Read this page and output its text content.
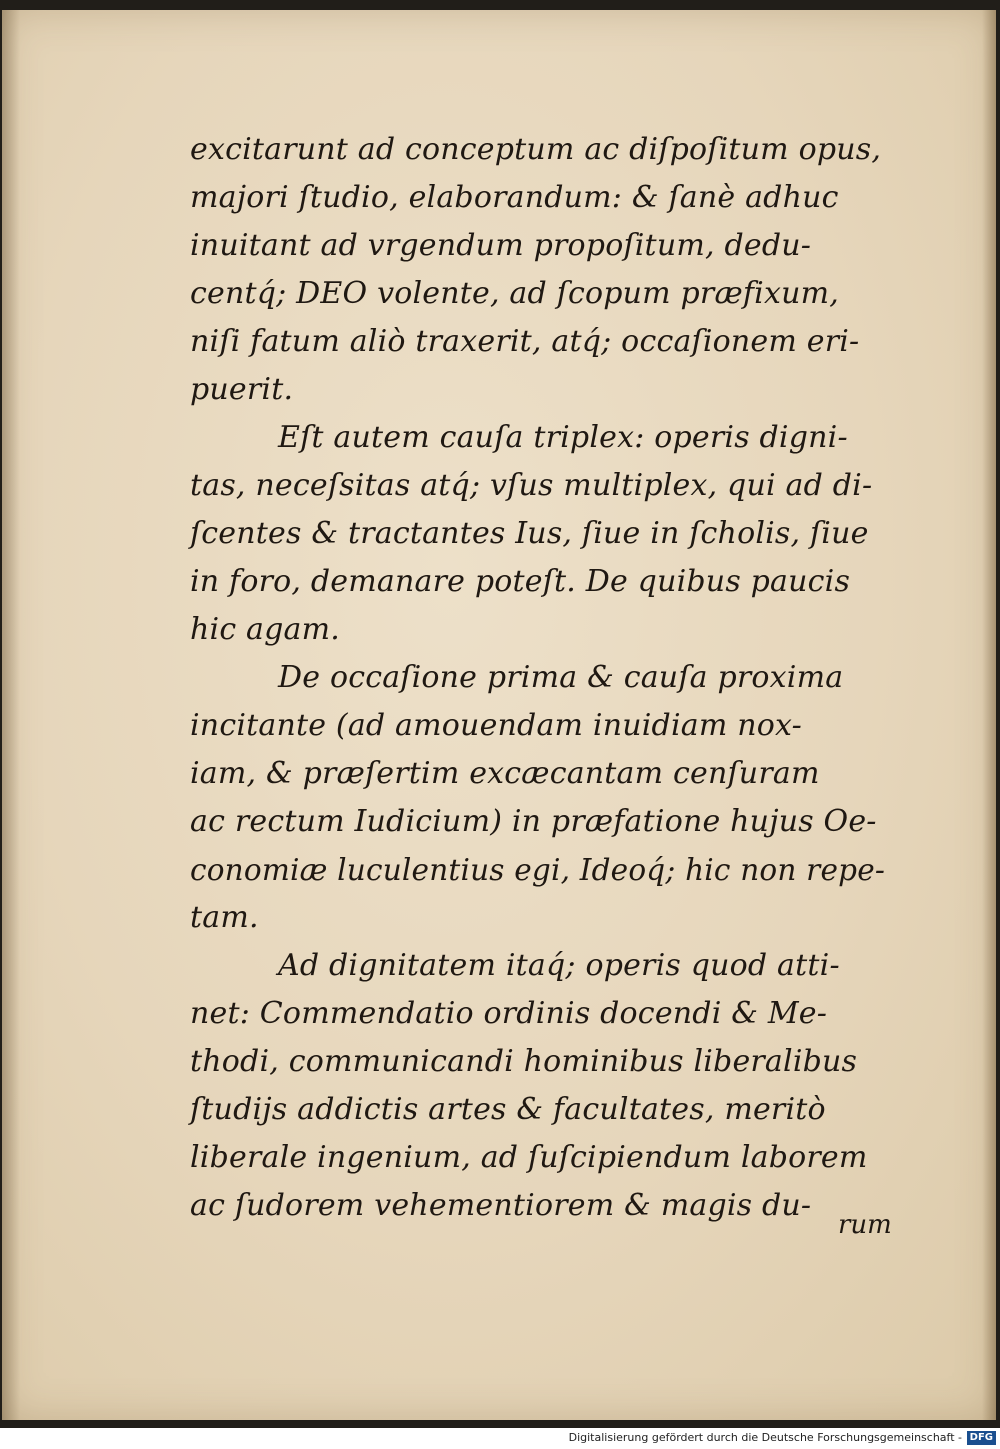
excitarunt ad conceptum ac diſpoſitum opus,
majori ſtudio, elaborandum: & ſanè adhuc
inuitant ad vrgendum propoſitum, dedu-
centq́; DEO volente, ad ſcopum præfixum,
niſi fatum aliò traxerit, atq́; occaſionem eri-
puerit.
Eſt autem cauſa triplex: operis digni-
tas, neceſsitas atq́; vſus multiplex, qui ad di-
ſcentes & tractantes Ius, ſiue in ſcholis, ſiue
in foro, demanare poteſt. De quibus paucis
hic agam.
De occaſione prima & cauſa proxima
incitante (ad amouendam inuidiam nox-
iam, & præſertim excæcantam cenſuram
ac rectum Iudicium) in præfatione hujus Oe-
conomiæ luculentius egi, Ideoq́; hic non repe-
tam.
Ad dignitatem itaq́; operis quod atti-
net: Commendatio ordinis docendi & Me-
thodi, communicandi hominibus liberalibus
ſtudijs addictis artes & facultates, meritò
liberale ingenium, ad ſuſcipiendum laborem
ac ſudorem vehementiorem & magis du-
rum
Digitalisierung gefördert durch die Deutsche Forschungsgemeinschaft - DFG
